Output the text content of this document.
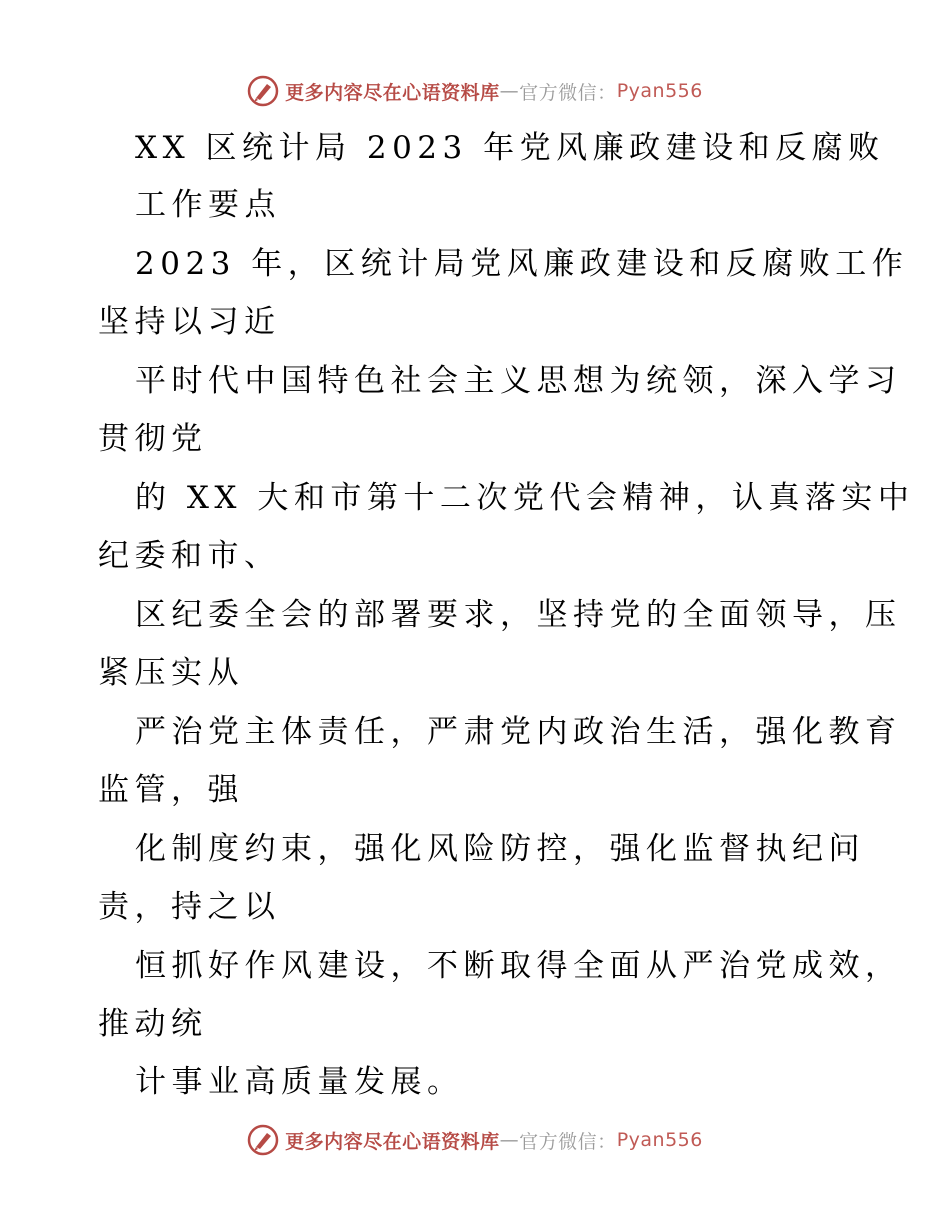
更多内容尽在心语资料库 — 官方微信： Pyan556
XX 区统计局 2023 年党风廉政建设和反腐败
工作要点
2023 年，区统计局党风廉政建设和反腐败工作
坚持以习近
平时代中国特色社会主义思想为统领，深入学习
贯彻党
的 XX 大和市第十二次党代会精神，认真落实中
纪委和市、
区纪委全会的部署要求，坚持党的全面领导，压
紧压实从
严治党主体责任，严肃党内政治生活，强化教育
监管，强
化制度约束，强化风险防控，强化监督执纪问
责，持之以
恒抓好作风建设，不断取得全面从严治党成效，
推动统
计事业高质量发展。
更多内容尽在心语资料库 — 官方微信： Pyan556
